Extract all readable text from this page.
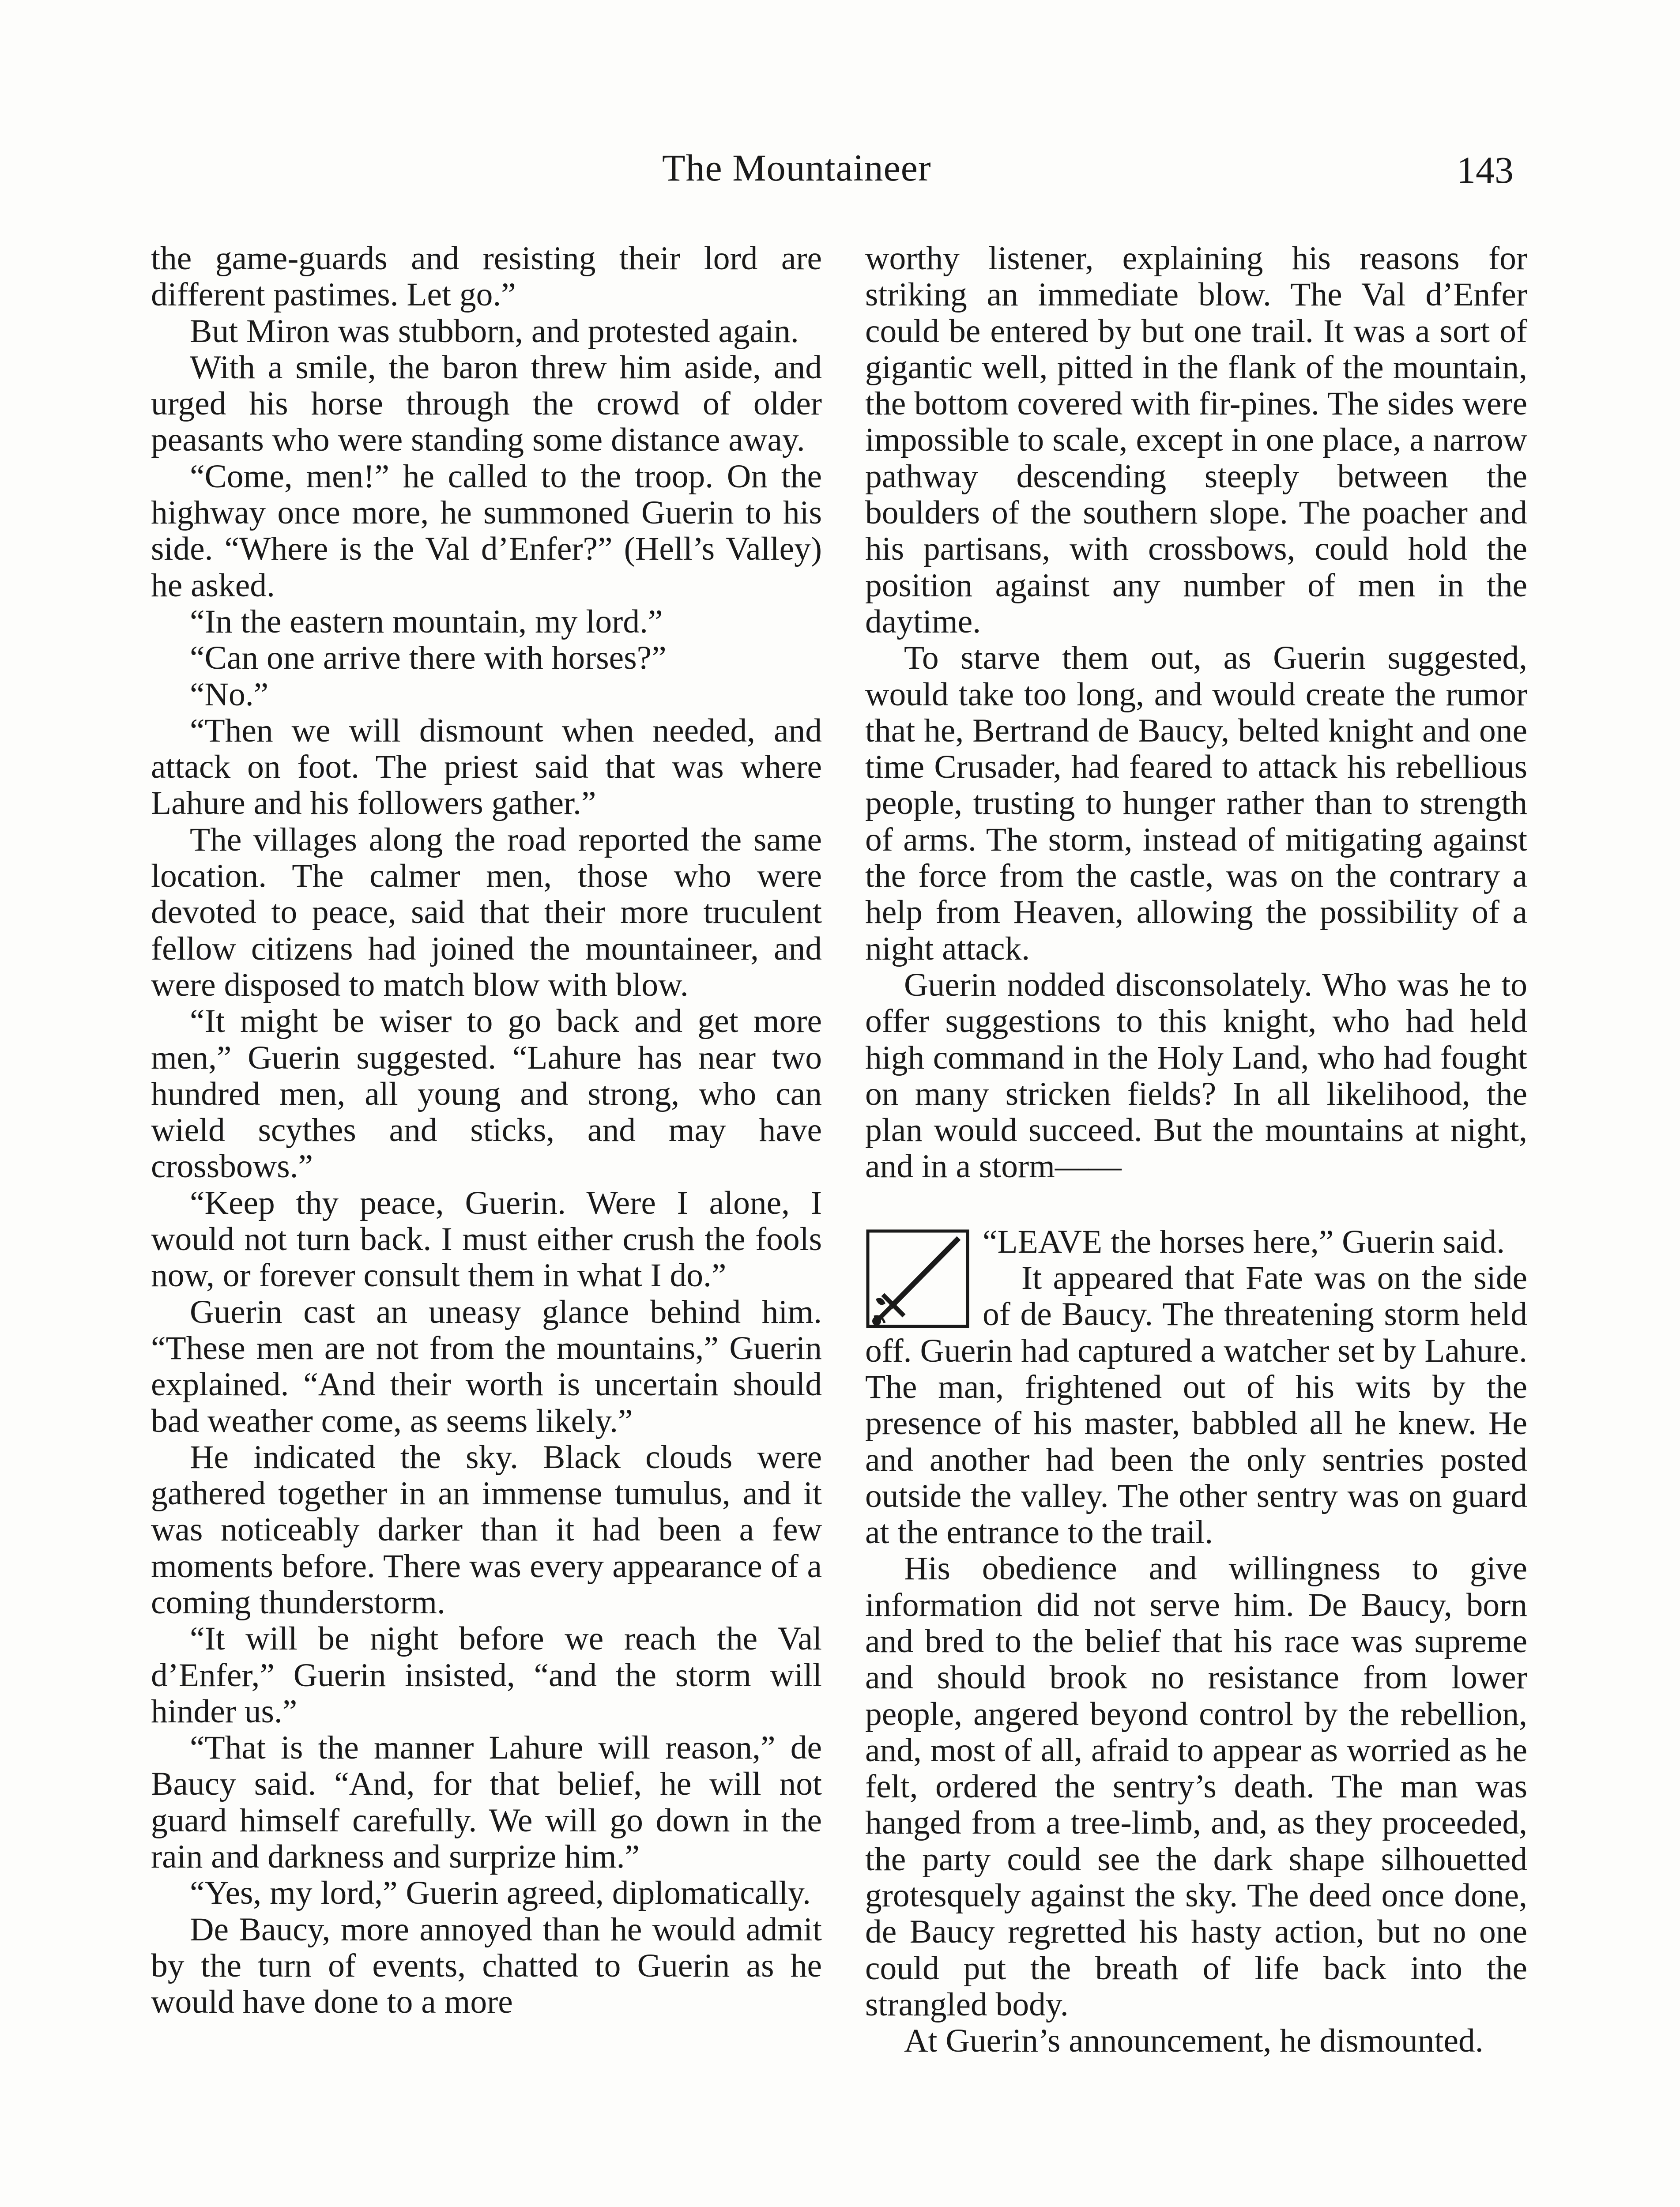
The Mountaineer	143

the game-guards and resisting their lord are different pastimes. Let go.”

But Miron was stubborn, and protested again.

With a smile, the baron threw him aside, and urged his horse through the crowd of older peasants who were standing some distance away.

“Come, men!” he called to the troop. On the highway once more, he summoned Guerin to his side. “Where is the Val d’Enfer?” (Hell’s Valley) he asked.

“In the eastern mountain, my lord.”

“Can one arrive there with horses?”

“No.”

“Then we will dismount when needed, and attack on foot. The priest said that was where Lahure and his followers gather.”

The villages along the road reported the same location. The calmer men, those who were devoted to peace, said that their more truculent fellow citizens had joined the mountaineer, and were disposed to match blow with blow.

“It might be wiser to go back and get more men,” Guerin suggested. “Lahure has near two hundred men, all young and strong, who can wield scythes and sticks, and may have crossbows.”

“Keep thy peace, Guerin. Were I alone, I would not turn back. I must either crush the fools now, or forever consult them in what I do.”

Guerin cast an uneasy glance behind him. “These men are not from the mountains,” Guerin explained. “And their worth is uncertain should bad weather come, as seems likely.”

He indicated the sky. Black clouds were gathered together in an immense tumulus, and it was noticeably darker than it had been a few moments before. There was every appearance of a coming thunderstorm.

“It will be night before we reach the Val d’Enfer,” Guerin insisted, “and the storm will hinder us.”

“That is the manner Lahure will reason,” de Baucy said. “And, for that belief, he will not guard himself carefully. We will go down in the rain and darkness and surprize him.”

“Yes, my lord,” Guerin agreed, diplomatically.

De Baucy, more annoyed than he would admit by the turn of events, chatted to Guerin as he would have done to a more

worthy listener, explaining his reasons for striking an immediate blow. The Val d’Enfer could be entered by but one trail. It was a sort of gigantic well, pitted in the flank of the mountain, the bottom covered with fir-pines. The sides were impossible to scale, except in one place, a narrow pathway descending steeply between the boulders of the southern slope. The poacher and his partisans, with crossbows, could hold the position against any number of men in the daytime.

To starve them out, as Guerin suggested, would take too long, and would create the rumor that he, Bertrand de Baucy, belted knight and one time Crusader, had feared to attack his rebellious people, trusting to hunger rather than to strength of arms. The storm, instead of mitigating against the force from the castle, was on the contrary a help from Heaven, allowing the possibility of a night attack.

Guerin nodded disconsolately. Who was he to offer suggestions to this knight, who had held high command in the Holy Land, who had fought on many stricken fields? In all likelihood, the plan would succeed. But the mountains at night, and in a storm——

“LEAVE the horses here,” Guerin said.

It appeared that Fate was on the side of de Baucy. The threatening storm held off. Guerin had captured a watcher set by Lahure. The man, frightened out of his wits by the presence of his master, babbled all he knew. He and another had been the only sentries posted outside the valley. The other sentry was on guard at the entrance to the trail.

His obedience and willingness to give information did not serve him. De Baucy, born and bred to the belief that his race was supreme and should brook no resistance from lower people, angered beyond control by the rebellion, and, most of all, afraid to appear as worried as he felt, ordered the sentry’s death. The man was hanged from a tree-limb, and, as they proceeded, the party could see the dark shape silhouetted grotesquely against the sky. The deed once done, de Baucy regretted his hasty action, but no one could put the breath of life back into the strangled body.

At Guerin’s announcement, he dismounted.
